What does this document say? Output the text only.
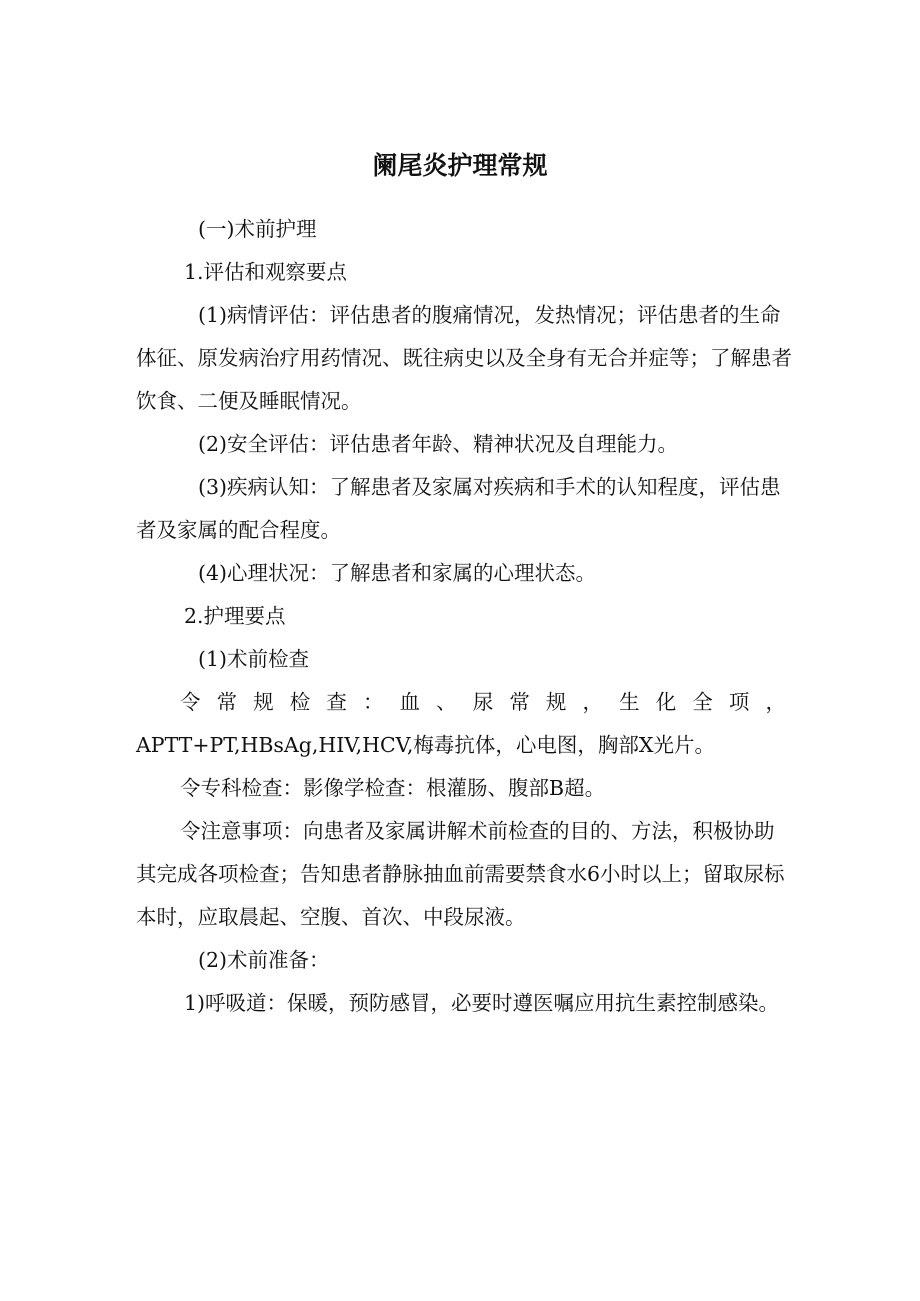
阑尾炎护理常规

(一)术前护理

1.评估和观察要点

(1)病情评估：评估患者的腹痛情况，发热情况；评估患者的生命体征、原发病治疗用药情况、既往病史以及全身有无合并症等；了解患者饮食、二便及睡眠情况。

(2)安全评估：评估患者年龄、精神状况及自理能力。

(3)疾病认知：了解患者及家属对疾病和手术的认知程度，评估患者及家属的配合程度。

(4)心理状况：了解患者和家属的心理状态。

2.护理要点

(1)术前检查

令常规检查：血、尿常规，生化全项，

APTT+PT,HBsAg,HIV,HCV,梅毒抗体，心电图，胸部X光片。

令专科检查：影像学检查：根灌肠、腹部B超。

令注意事项：向患者及家属讲解术前检查的目的、方法，积极协助其完成各项检查；告知患者静脉抽血前需要禁食水6小时以上；留取尿标本时，应取晨起、空腹、首次、中段尿液。

(2)术前准备：

1)呼吸道：保暖，预防感冒，必要时遵医嘱应用抗生素控制感染。
